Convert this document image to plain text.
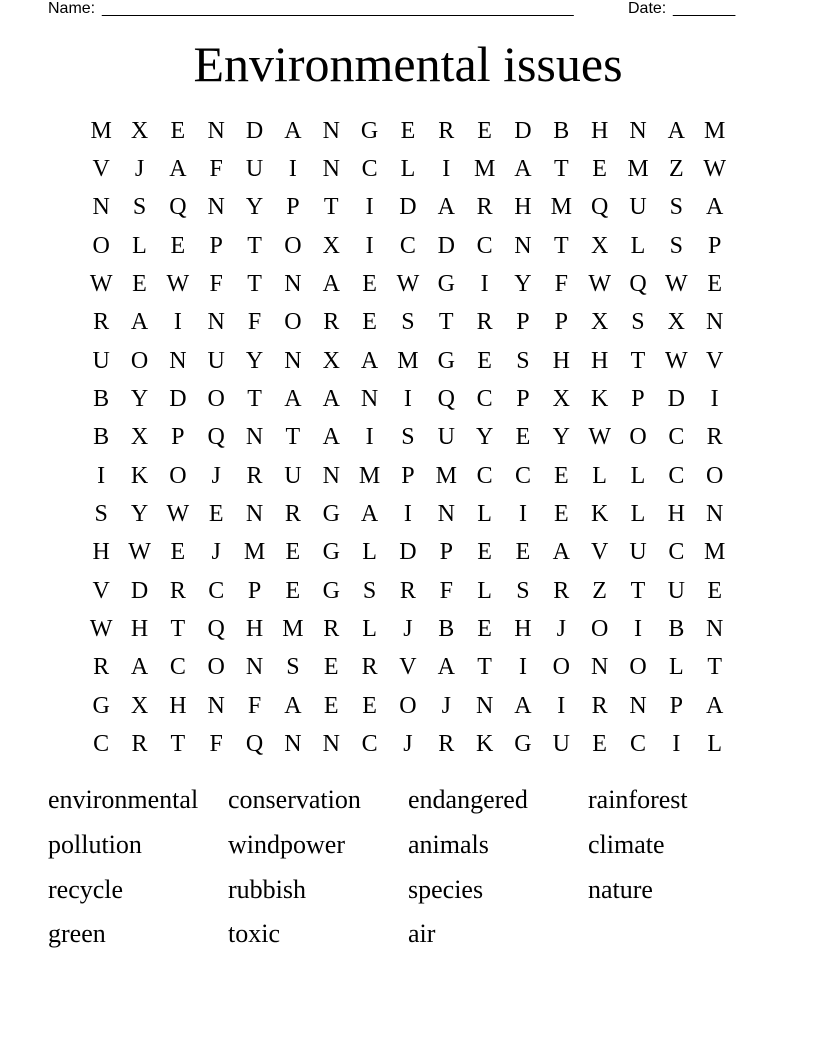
Name: _____________________________________________________	Date: _______
Environmental issues
M X E N D A N G E R E D B H N A M
V	J	A F U	I	N C L	I M A T E M Z W
N S Q N Y P	T	I	D A R H M Q U S A
O L E	P	T O X	I	C D C N T X L	S	P
W E W F	T N A E W G	I	Y F W Q W E
R A	I	N F O R E	S	T R P	P X S X N
U O N U Y N X A M G E	S H H T W V
B Y D O T A A N	I	Q C P X K P D	I
B X P Q N T A	I	S U Y E Y W O C R
I	K O	J	R U N M P M C C E L L C O
S Y W E N R G A	I	N L	I	E K L H N
H W E	J M E G L D P	E E A V U C M
V D R C P	E G S R F	L	S R Z T U E
W H T Q H M R L	J	B E H	J	O	I	B N
R A C O N S	E R V A T	I	O N O L T
G X H N F A E E O	J	N A	I	R N P A
C R T	F Q N N C	J	R K G U E C	I	L
environmental	conservation	endangered	rainforest
pollution	windpower	animals	climate
recycle	rubbish	species	nature
green	toxic	air
